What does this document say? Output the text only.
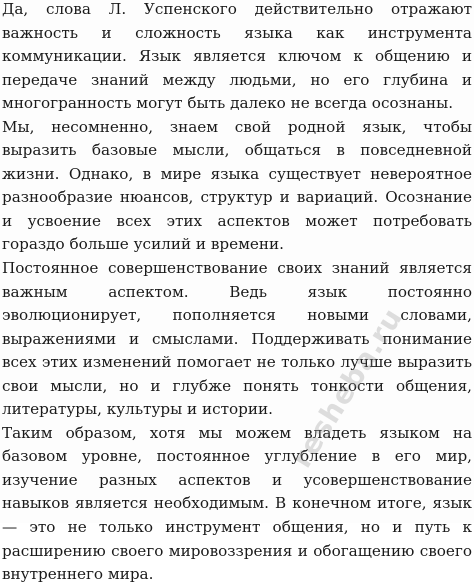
Да, слова Л. Успенского действительно отражают важность и сложность языка как инструмента коммуникации. Язык является ключом к общению и передаче знаний между людьми, но его глубина и многогранность могут быть далеко не всегда осознаны.

Мы, несомненно, знаем свой родной язык, чтобы выразить базовые мысли, общаться в повседневной жизни. Однако, в мире языка существует невероятное разнообразие нюансов, структур и вариаций. Осознание и усвоение всех этих аспектов может потребовать гораздо больше усилий и времени.

Постоянное совершенствование своих знаний является важным аспектом. Ведь язык постоянно эволюционирует, пополняется новыми словами, выражениями и смыслами. Поддерживать понимание всех этих изменений помогает не только лучше выразить свои мысли, но и глубже понять тонкости общения, литературы, культуры и истории.

Таким образом, хотя мы можем владеть языком на базовом уровне, постоянное углубление в его мир, изучение разных аспектов и усовершенствование навыков является необходимым. В конечном итоге, язык — это не только инструмент общения, но и путь к расширению своего мировоззрения и обогащению своего внутреннего мира.

resheba.ru
